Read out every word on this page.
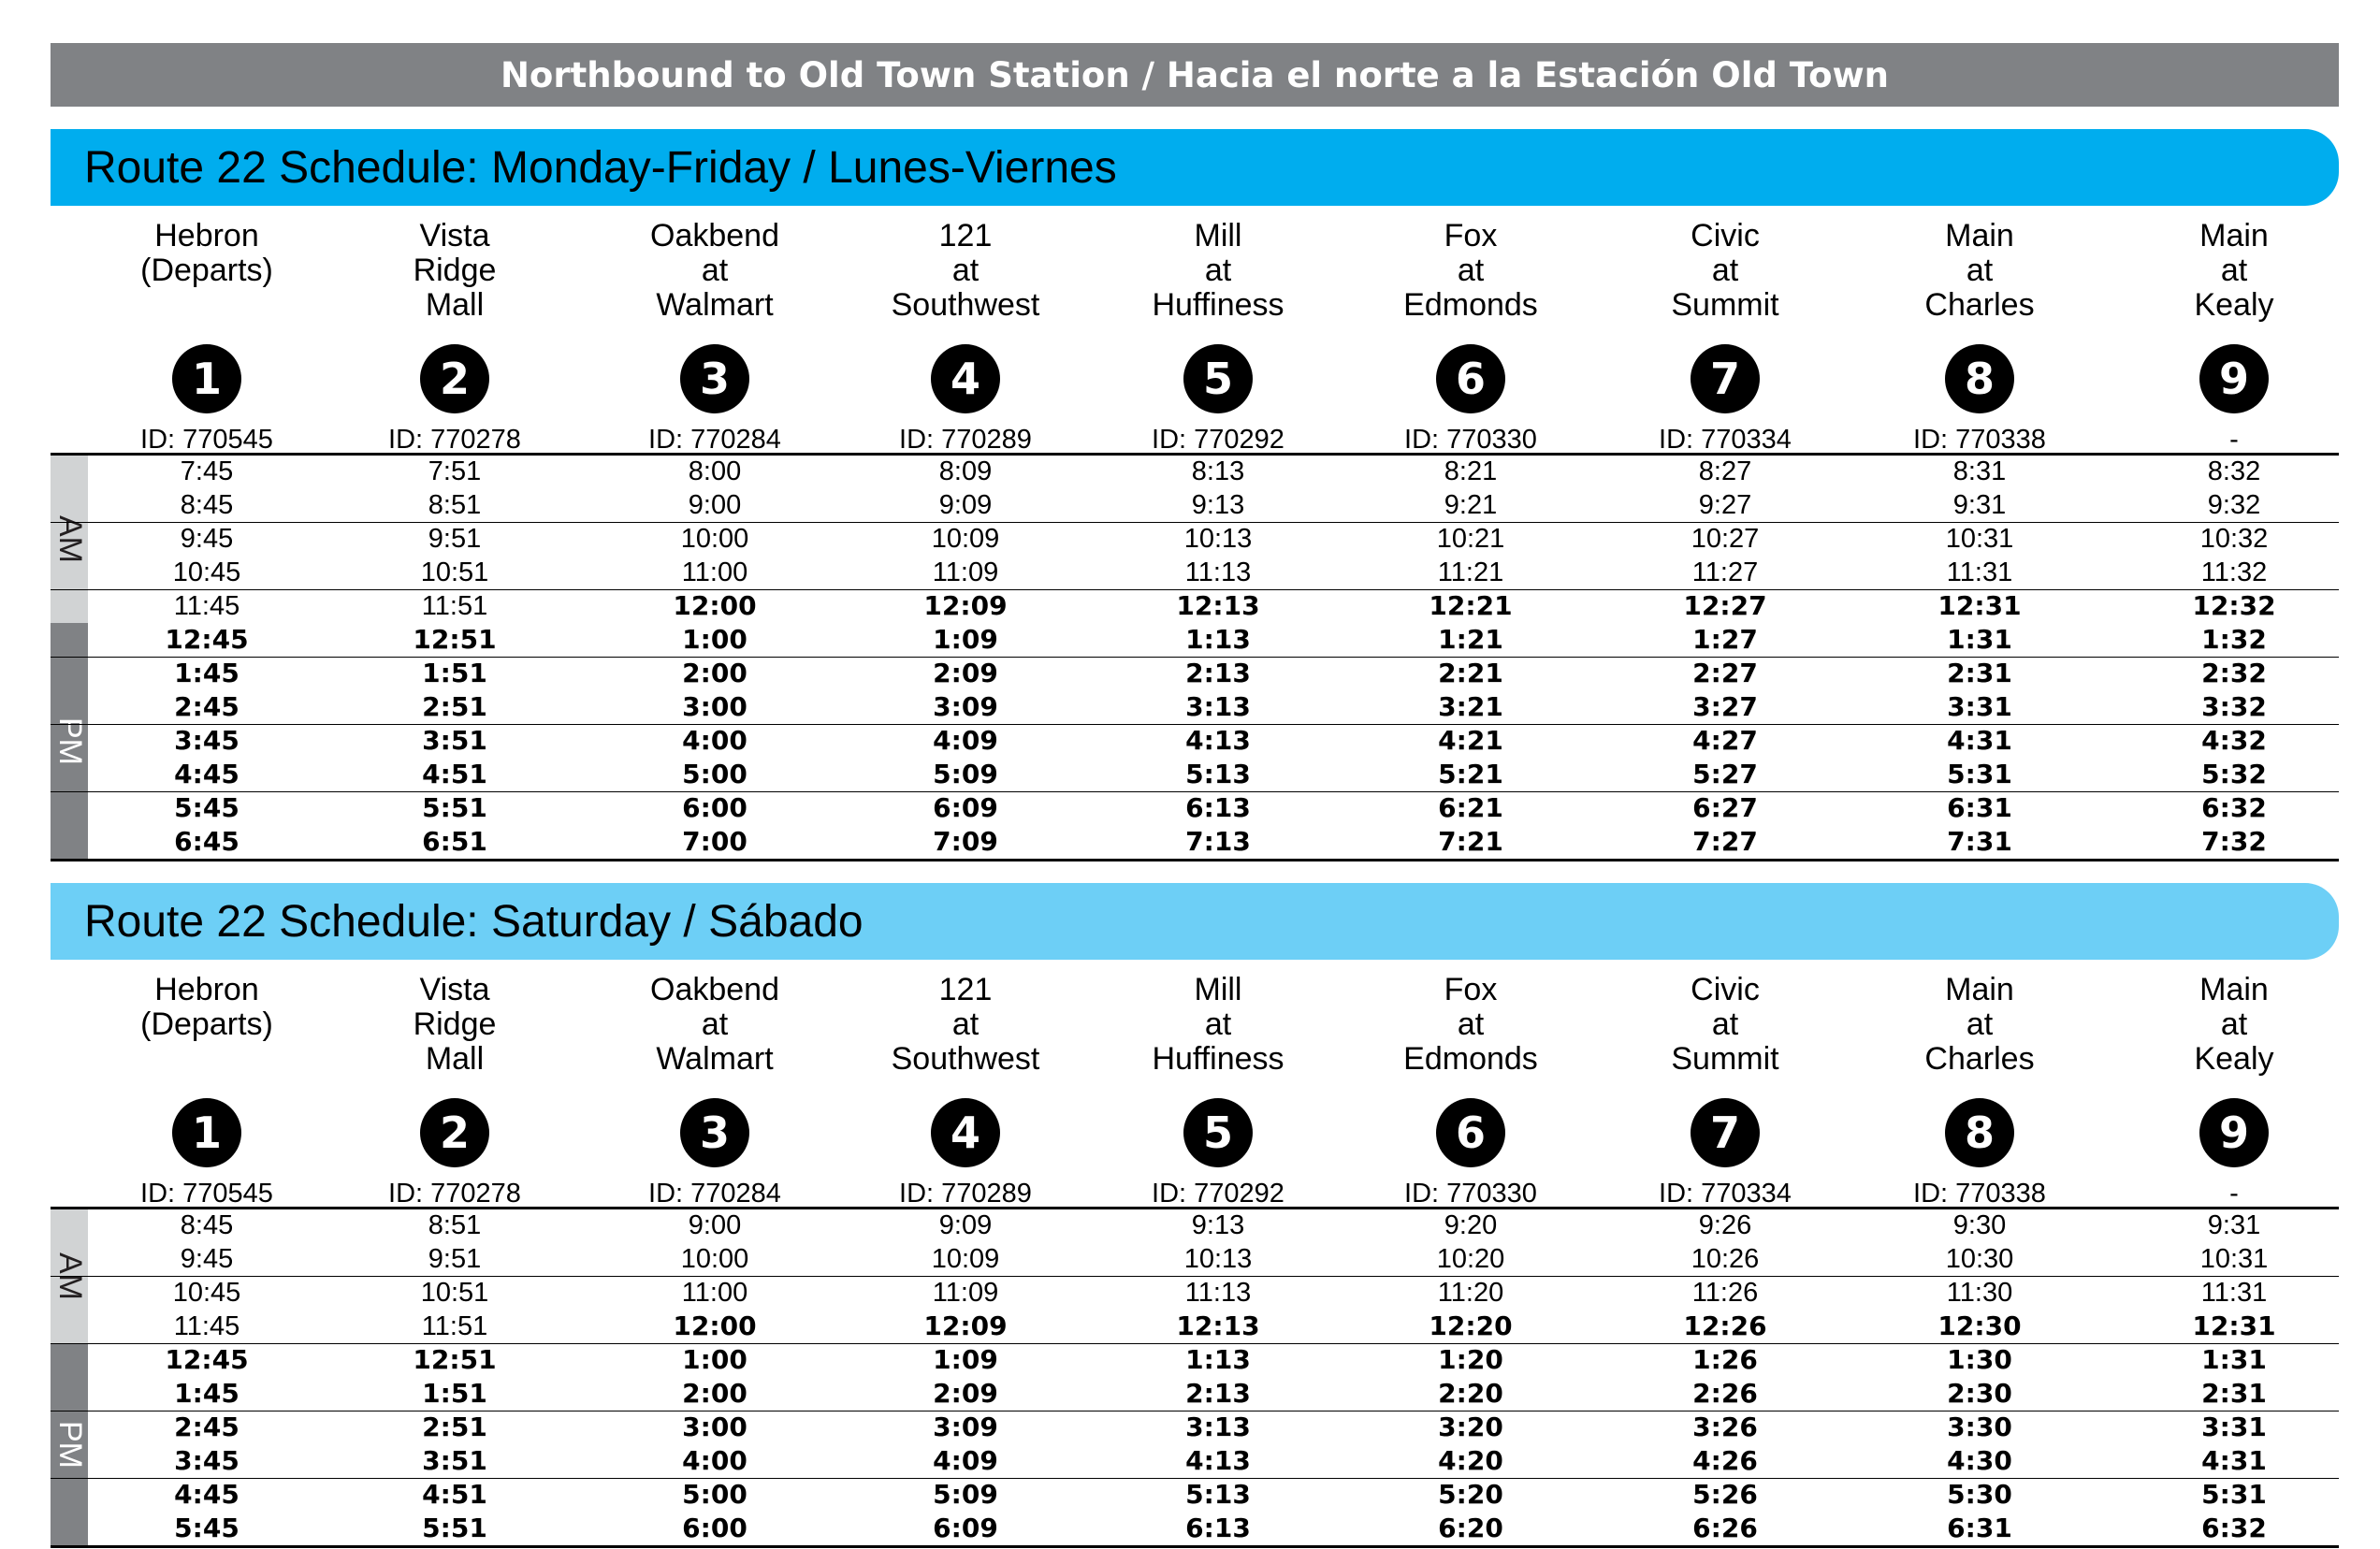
Northbound to Old Town Station / Hacia el norte a la Estación Old Town
Route 22 Schedule: Monday-Friday / Lunes-Viernes
Hebron
(Departs)
1
ID: 770545
Vista
Ridge
Mall
2
ID: 770278
Oakbend
at
Walmart
3
ID: 770284
121
at
Southwest
4
ID: 770289
Mill
at
Huffiness
5
ID: 770292
Fox
at
Edmonds
6
ID: 770330
Civic
at
Summit
7
ID: 770334
Main
at
Charles
8
ID: 770338
Main
at
Kealy
9
-
AM
PM
7:45	7:51	8:00	8:09	8:13	8:21	8:27	8:31	8:32
8:45	8:51	9:00	9:09	9:13	9:21	9:27	9:31	9:32
9:45	9:51	10:00	10:09	10:13	10:21	10:27	10:31	10:32
10:45	10:51	11:00	11:09	11:13	11:21	11:27	11:31	11:32
11:45	11:51	12:00	12:09	12:13	12:21	12:27	12:31	12:32
12:45	12:51	1:00	1:09	1:13	1:21	1:27	1:31	1:32
1:45	1:51	2:00	2:09	2:13	2:21	2:27	2:31	2:32
2:45	2:51	3:00	3:09	3:13	3:21	3:27	3:31	3:32
3:45	3:51	4:00	4:09	4:13	4:21	4:27	4:31	4:32
4:45	4:51	5:00	5:09	5:13	5:21	5:27	5:31	5:32
5:45	5:51	6:00	6:09	6:13	6:21	6:27	6:31	6:32
6:45	6:51	7:00	7:09	7:13	7:21	7:27	7:31	7:32
Route 22 Schedule: Saturday / Sábado
Hebron
(Departs)
1
ID: 770545
Vista
Ridge
Mall
2
ID: 770278
Oakbend
at
Walmart
3
ID: 770284
121
at
Southwest
4
ID: 770289
Mill
at
Huffiness
5
ID: 770292
Fox
at
Edmonds
6
ID: 770330
Civic
at
Summit
7
ID: 770334
Main
at
Charles
8
ID: 770338
Main
at
Kealy
9
-
AM
PM
8:45	8:51	9:00	9:09	9:13	9:20	9:26	9:30	9:31
9:45	9:51	10:00	10:09	10:13	10:20	10:26	10:30	10:31
10:45	10:51	11:00	11:09	11:13	11:20	11:26	11:30	11:31
11:45	11:51	12:00	12:09	12:13	12:20	12:26	12:30	12:31
12:45	12:51	1:00	1:09	1:13	1:20	1:26	1:30	1:31
1:45	1:51	2:00	2:09	2:13	2:20	2:26	2:30	2:31
2:45	2:51	3:00	3:09	3:13	3:20	3:26	3:30	3:31
3:45	3:51	4:00	4:09	4:13	4:20	4:26	4:30	4:31
4:45	4:51	5:00	5:09	5:13	5:20	5:26	5:30	5:31
5:45	5:51	6:00	6:09	6:13	6:20	6:26	6:31	6:32
